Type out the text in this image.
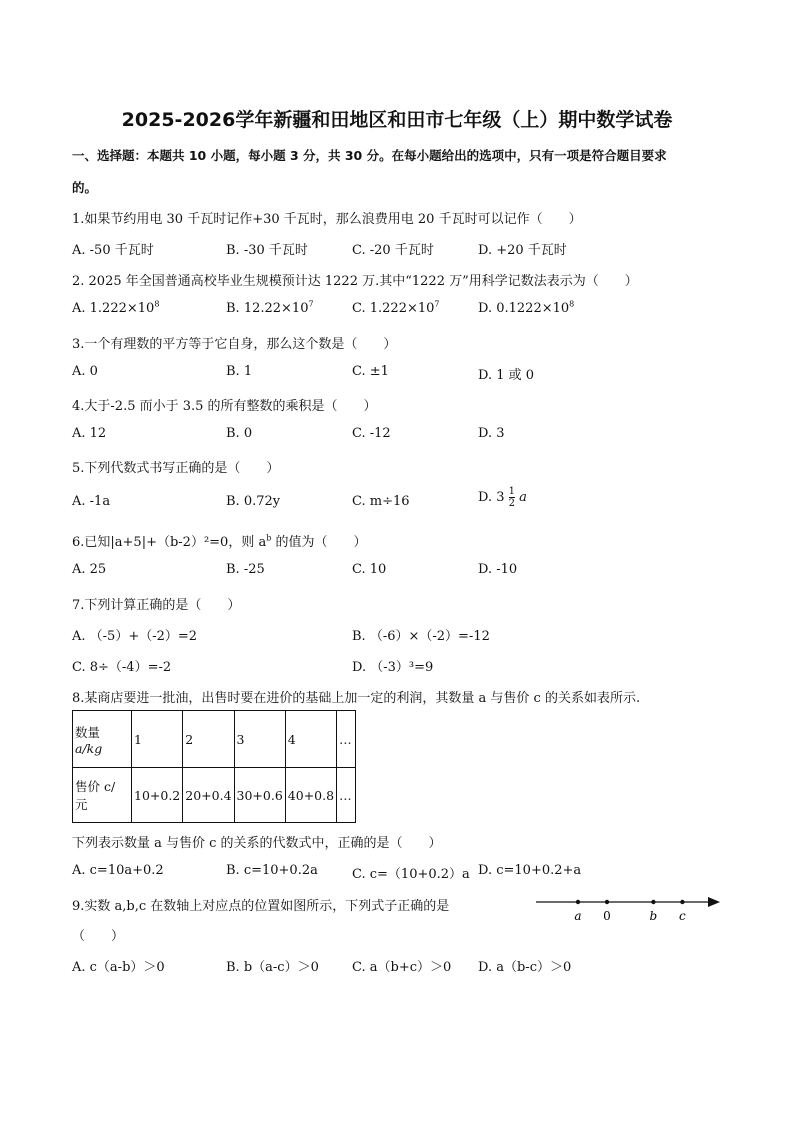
2025-2026学年新疆和田地区和田市七年级（上）期中数学试卷
一、选择题：本题共 10 小题，每小题 3 分，共 30 分。在每小题给出的选项中，只有一项是符合题目要求
的。
1.如果节约用电 30 千瓦时记作+30 千瓦时，那么浪费用电 20 千瓦时可以记作（　　）
A. -50 千瓦时	B. -30 千瓦时	C. -20 千瓦时	D. +20 千瓦时
2. 2025 年全国普通高校毕业生规模预计达 1222 万.其中“1222 万”用科学记数法表示为（　　）
A. $1.222\times 10^8$	B. $12.22\times 10^7$	C. $1.222\times 10^7$	D. $0.1222\times 10^8$
3.一个有理数的平方等于它自身，那么这个数是（　　）
A. 0	B. 1	C. ±1	D. 1 或 0
4.大于-2.5 而小于 3.5 的所有整数的乘积是（　　）
A. 12	B. 0	C. -12	D. 3
5.下列代数式书写正确的是（　　）
A. -1a	B. 0.72y	C. m÷16	D. $3 \frac{1}{2}$ a
6.已知|a+5|+（b-2）²=0，则 $a^b$ 的值为（　　）
A. 25	B. -25	C. 10	D. -10
7.下列计算正确的是（　　）
A. （-5）+（-2）=2	B. （-6）×（-2）=-12
C. 8÷（-4）=-2	D. （-3）³=9
8.某商店要进一批油，出售时要在进价的基础上加一定的利润，其数量 a 与售价 c 的关系如表所示.
数量
a/kg	1	2	3	4	…

售价 c/
元	10+0.2	20+0.4	30+0.6	40+0.8	…
下列表示数量 a 与售价 c 的关系的代数式中，正确的是（　　）
A. c=10a+0.2	B. c=10+0.2a	C. c=（10+0.2）a D. c=10+0.2+a
9.实数 a,b,c 在数轴上对应点的位置如图所示，下列式子正确的是
（　　）
a 0	b c
A. c（a-b）＞0	B. b（a-c）＞0	C. a（b+c）＞0 D. a（b-c）＞0
